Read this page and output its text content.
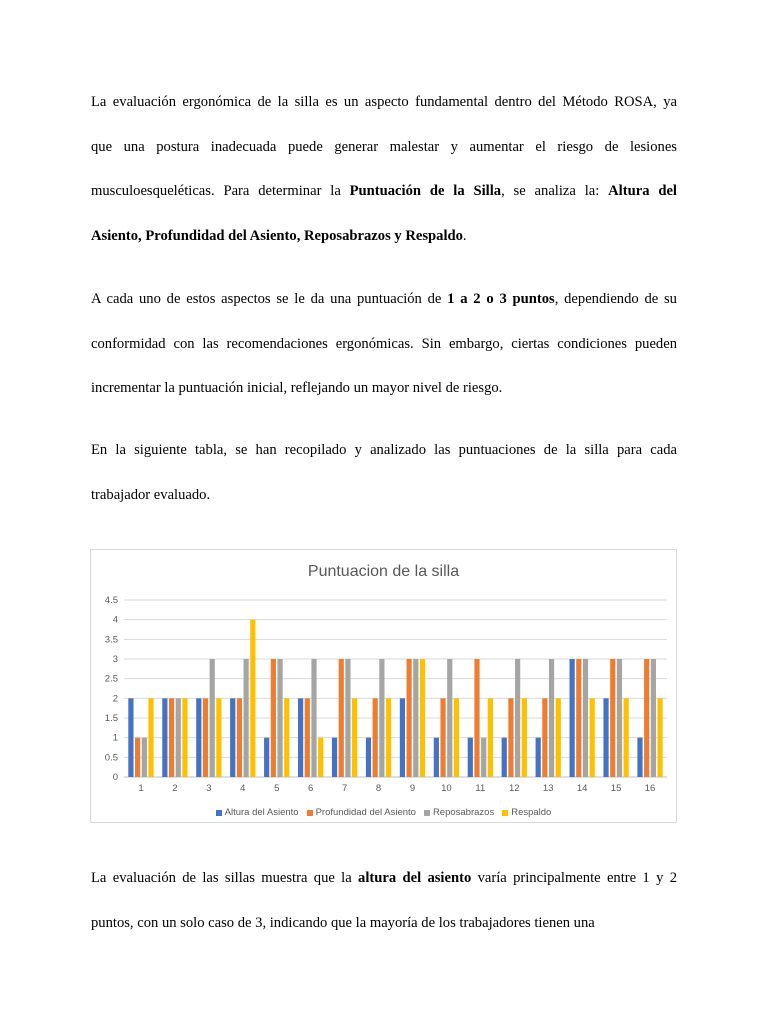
La evaluación ergonómica de la silla es un aspecto fundamental dentro del Método ROSA, ya
que una postura inadecuada puede generar malestar y aumentar el riesgo de lesiones
musculoesqueléticas. Para determinar la Puntuación de la Silla, se analiza la: Altura del
Asiento, Profundidad del Asiento, Reposabrazos y Respaldo.
A cada uno de estos aspectos se le da una puntuación de 1 a 2 o 3 puntos, dependiendo de su
conformidad con las recomendaciones ergonómicas. Sin embargo, ciertas condiciones pueden
incrementar la puntuación inicial, reflejando un mayor nivel de riesgo.
En la siguiente tabla, se han recopilado y analizado las puntuaciones de la silla para cada
trabajador evaluado.
Puntuacion de la silla
0
0.5
1
1.5
2
2.5
3
3.5
4
4.5
1	2	3	4	5	6	7	8	9	10 11 12 13 14 15 16
Altura del Asiento Profundidad del Asiento Reposabrazos Respaldo
La evaluación de las sillas muestra que la altura del asiento varía principalmente entre 1 y 2
puntos, con un solo caso de 3, indicando que la mayoría de los trabajadores tienen una
